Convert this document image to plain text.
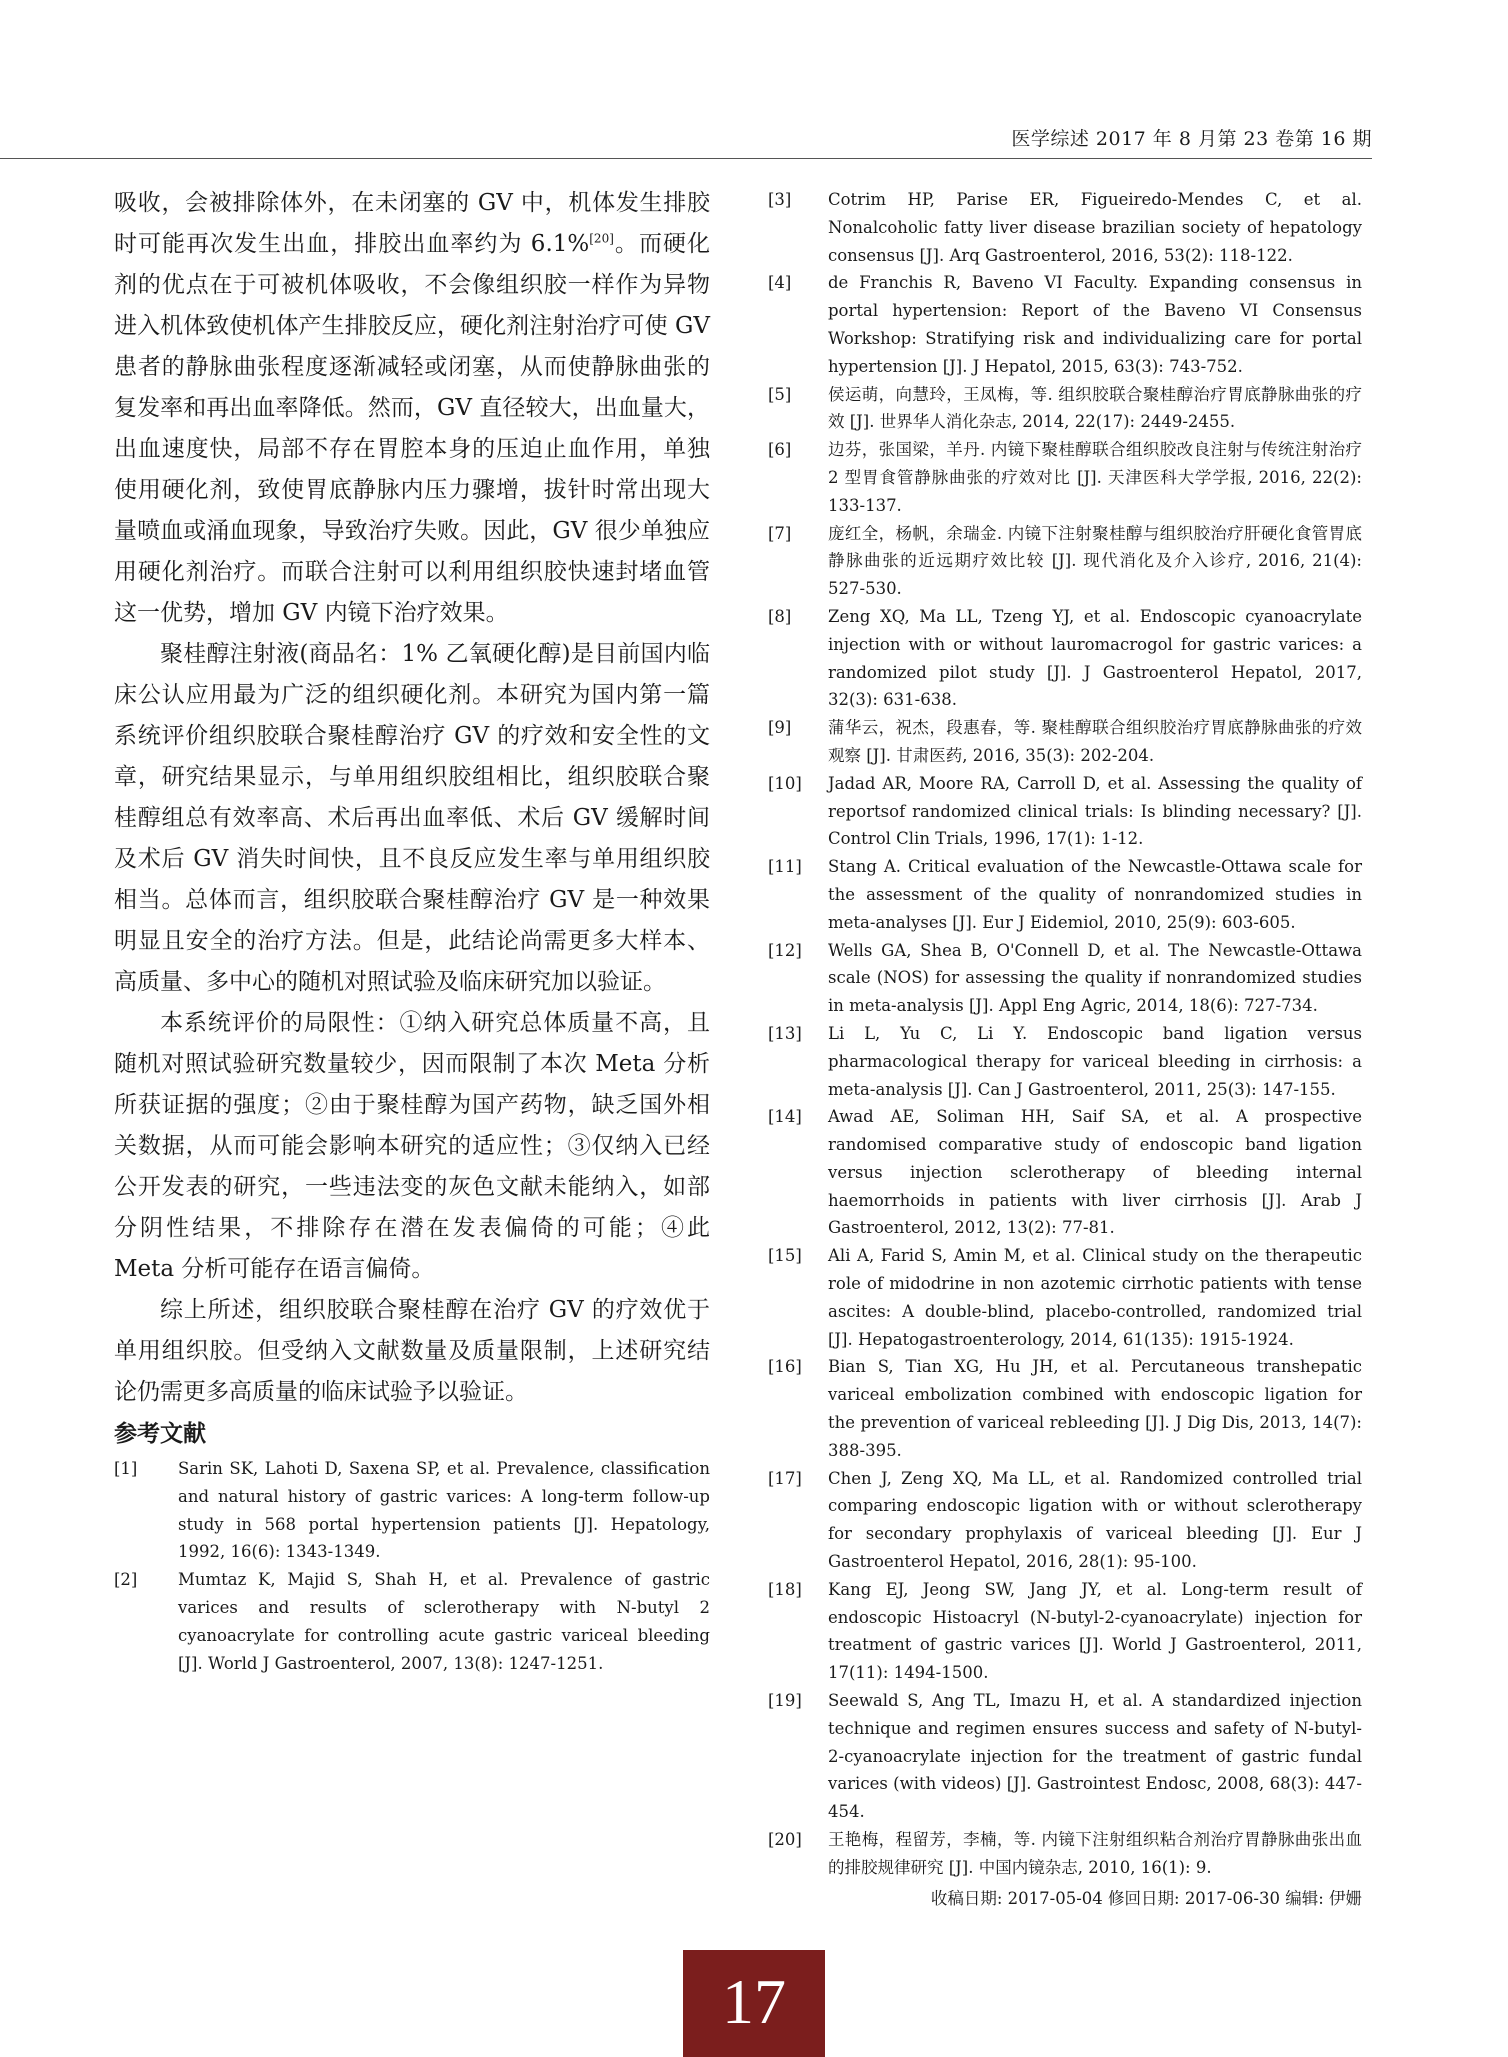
医学综述 2017 年 8 月第 23 卷第 16 期

吸收，会被排除体外，在未闭塞的 GV 中，机体发生排胶时可能再次发生出血，排胶出血率约为 6.1%[20]。而硬化剂的优点在于可被机体吸收，不会像组织胶一样作为异物进入机体致使机体产生排胶反应，硬化剂注射治疗可使 GV 患者的静脉曲张程度逐渐减轻或闭塞，从而使静脉曲张的复发率和再出血率降低。然而，GV 直径较大，出血量大，出血速度快，局部不存在胃腔本身的压迫止血作用，单独使用硬化剂，致使胃底静脉内压力骤增，拔针时常出现大量喷血或涌血现象，导致治疗失败。因此，GV 很少单独应用硬化剂治疗。而联合注射可以利用组织胶快速封堵血管这一优势，增加 GV 内镜下治疗效果。

聚桂醇注射液(商品名：1% 乙氧硬化醇)是目前国内临床公认应用最为广泛的组织硬化剂。本研究为国内第一篇系统评价组织胶联合聚桂醇治疗 GV 的疗效和安全性的文章，研究结果显示，与单用组织胶组相比，组织胶联合聚桂醇组总有效率高、术后再出血率低、术后 GV 缓解时间及术后 GV 消失时间快，且不良反应发生率与单用组织胶相当。总体而言，组织胶联合聚桂醇治疗 GV 是一种效果明显且安全的治疗方法。但是，此结论尚需更多大样本、高质量、多中心的随机对照试验及临床研究加以验证。

本系统评价的局限性：①纳入研究总体质量不高，且随机对照试验研究数量较少，因而限制了本次 Meta 分析所获证据的强度；②由于聚桂醇为国产药物，缺乏国外相关数据，从而可能会影响本研究的适应性；③仅纳入已经公开发表的研究，一些违法变的灰色文献未能纳入，如部分阴性结果，不排除存在潜在发表偏倚的可能；④此 Meta 分析可能存在语言偏倚。

综上所述，组织胶联合聚桂醇在治疗 GV 的疗效优于单用组织胶。但受纳入文献数量及质量限制，上述研究结论仍需更多高质量的临床试验予以验证。

参考文献
[1] Sarin SK, Lahoti D, Saxena SP, et al. Prevalence, classification and natural history of gastric varices: A long-term follow-up study in 568 portal hypertension patients [J]. Hepatology, 1992, 16(6): 1343-1349.
[2] Mumtaz K, Majid S, Shah H, et al. Prevalence of gastric varices and results of sclerotherapy with N-butyl 2 cyanoacrylate for controlling acute gastric variceal bleeding [J]. World J Gastroenterol, 2007, 13(8): 1247-1251.
[3] Cotrim HP, Parise ER, Figueiredo-Mendes C, et al. Nonalcoholic fatty liver disease brazilian society of hepatology consensus [J]. Arq Gastroenterol, 2016, 53(2): 118-122.
[4] de Franchis R, Baveno VI Faculty. Expanding consensus in portal hypertension: Report of the Baveno VI Consensus Workshop: Stratifying risk and individualizing care for portal hypertension [J]. J Hepatol, 2015, 63(3): 743-752.
[5] 侯运萌，向慧玲，王凤梅，等. 组织胶联合聚桂醇治疗胃底静脉曲张的疗效 [J]. 世界华人消化杂志, 2014, 22(17): 2449-2455.
[6] 边芬，张国梁，羊丹. 内镜下聚桂醇联合组织胶改良注射与传统注射治疗 2 型胃食管静脉曲张的疗效对比 [J]. 天津医科大学学报, 2016, 22(2): 133-137.
[7] 庞红全，杨帆，余瑞金. 内镜下注射聚桂醇与组织胶治疗肝硬化食管胃底静脉曲张的近远期疗效比较 [J]. 现代消化及介入诊疗, 2016, 21(4): 527-530.
[8] Zeng XQ, Ma LL, Tzeng YJ, et al. Endoscopic cyanoacrylate injection with or without lauromacrogol for gastric varices: a randomized pilot study [J]. J Gastroenterol Hepatol, 2017, 32(3): 631-638.
[9] 蒲华云，祝杰，段惠春，等. 聚桂醇联合组织胶治疗胃底静脉曲张的疗效观察 [J]. 甘肃医药, 2016, 35(3): 202-204.
[10] Jadad AR, Moore RA, Carroll D, et al. Assessing the quality of reportsof randomized clinical trials: Is blinding necessary? [J]. Control Clin Trials, 1996, 17(1): 1-12.
[11] Stang A. Critical evaluation of the Newcastle-Ottawa scale for the assessment of the quality of nonrandomized studies in meta-analyses [J]. Eur J Eidemiol, 2010, 25(9): 603-605.
[12] Wells GA, Shea B, O'Connell D, et al. The Newcastle-Ottawa scale (NOS) for assessing the quality if nonrandomized studies in meta-analysis [J]. Appl Eng Agric, 2014, 18(6): 727-734.
[13] Li L, Yu C, Li Y. Endoscopic band ligation versus pharmacological therapy for variceal bleeding in cirrhosis: a meta-analysis [J]. Can J Gastroenterol, 2011, 25(3): 147-155.
[14] Awad AE, Soliman HH, Saif SA, et al. A prospective randomised comparative study of endoscopic band ligation versus injection sclerotherapy of bleeding internal haemorrhoids in patients with liver cirrhosis [J]. Arab J Gastroenterol, 2012, 13(2): 77-81.
[15] Ali A, Farid S, Amin M, et al. Clinical study on the therapeutic role of midodrine in non azotemic cirrhotic patients with tense ascites: A double-blind, placebo-controlled, randomized trial [J]. Hepatogastroenterology, 2014, 61(135): 1915-1924.
[16] Bian S, Tian XG, Hu JH, et al. Percutaneous transhepatic variceal embolization combined with endoscopic ligation for the prevention of variceal rebleeding [J]. J Dig Dis, 2013, 14(7): 388-395.
[17] Chen J, Zeng XQ, Ma LL, et al. Randomized controlled trial comparing endoscopic ligation with or without sclerotherapy for secondary prophylaxis of variceal bleeding [J]. Eur J Gastroenterol Hepatol, 2016, 28(1): 95-100.
[18] Kang EJ, Jeong SW, Jang JY, et al. Long-term result of endoscopic Histoacryl (N-butyl-2-cyanoacrylate) injection for treatment of gastric varices [J]. World J Gastroenterol, 2011, 17(11): 1494-1500.
[19] Seewald S, Ang TL, Imazu H, et al. A standardized injection technique and regimen ensures success and safety of N-butyl-2-cyanoacrylate injection for the treatment of gastric fundal varices (with videos) [J]. Gastrointest Endosc, 2008, 68(3): 447-454.
[20] 王艳梅，程留芳，李楠，等. 内镜下注射组织粘合剂治疗胃静脉曲张出血的排胶规律研究 [J]. 中国内镜杂志, 2010, 16(1): 9.
收稿日期: 2017-05-04 修回日期: 2017-06-30 编辑: 伊姗
17
